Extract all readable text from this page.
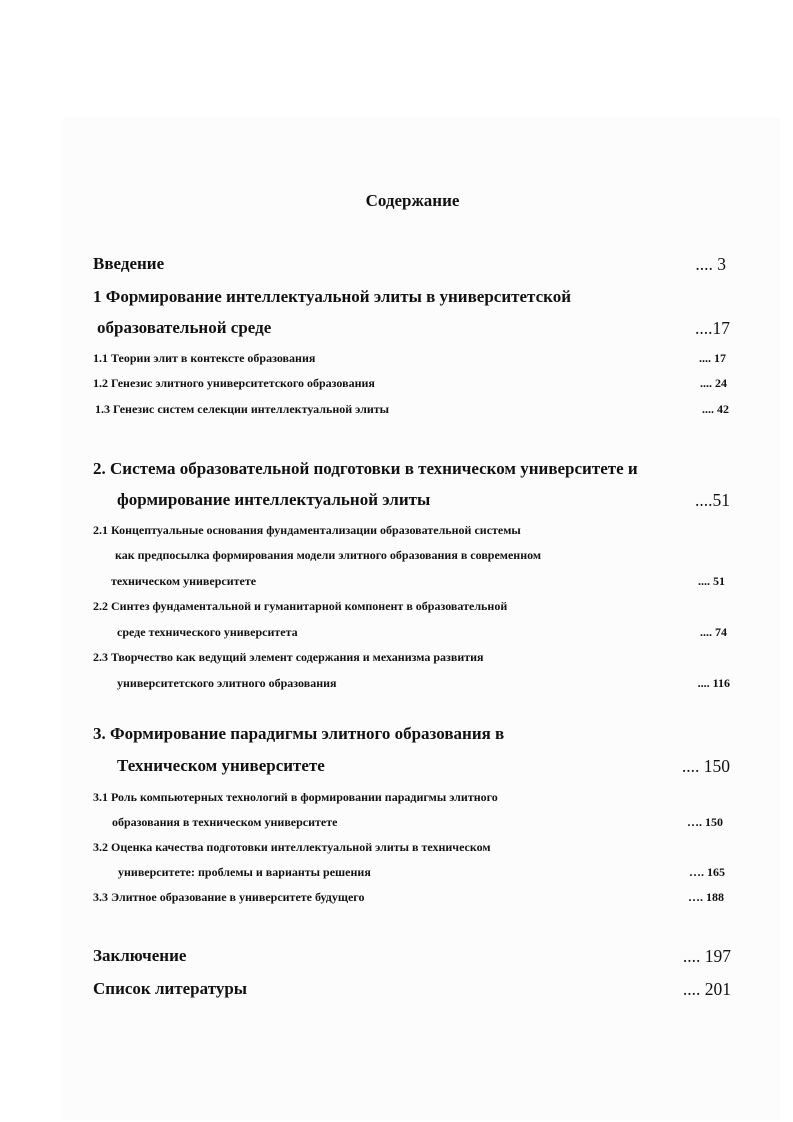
Содержание
Введение	.... 3
1 Формирование интеллектуальной элиты в университетской
образовательной среде	....17
1.1 Теории элит в контексте образования	.... 17
1.2 Генезис элитного университетского образования	.... 24
1.3 Генезис систем селекции интеллектуальной элиты	.... 42
2. Система образовательной подготовки в техническом университете и
формирование интеллектуальной элиты	....51
2.1 Концептуальные основания фундаментализации образовательной системы
как предпосылка формирования модели элитного образования в современном
техническом университете	.... 51
2.2 Синтез фундаментальной и гуманитарной компонент в образовательной
среде технического университета	.... 74
2.3 Творчество как ведущий элемент содержания и механизма развития
университетского элитного образования	.... 116
3. Формирование парадигмы элитного образования в
Техническом университете	.... 150
3.1 Роль компьютерных технологий в формировании парадигмы элитного
образования в техническом университете	…. 150
3.2 Оценка качества подготовки интеллектуальной элиты в техническом
университете: проблемы и варианты решения	…. 165
3.3 Элитное образование в университете будущего	…. 188
Заключение	.... 197
Список литературы	.... 201
